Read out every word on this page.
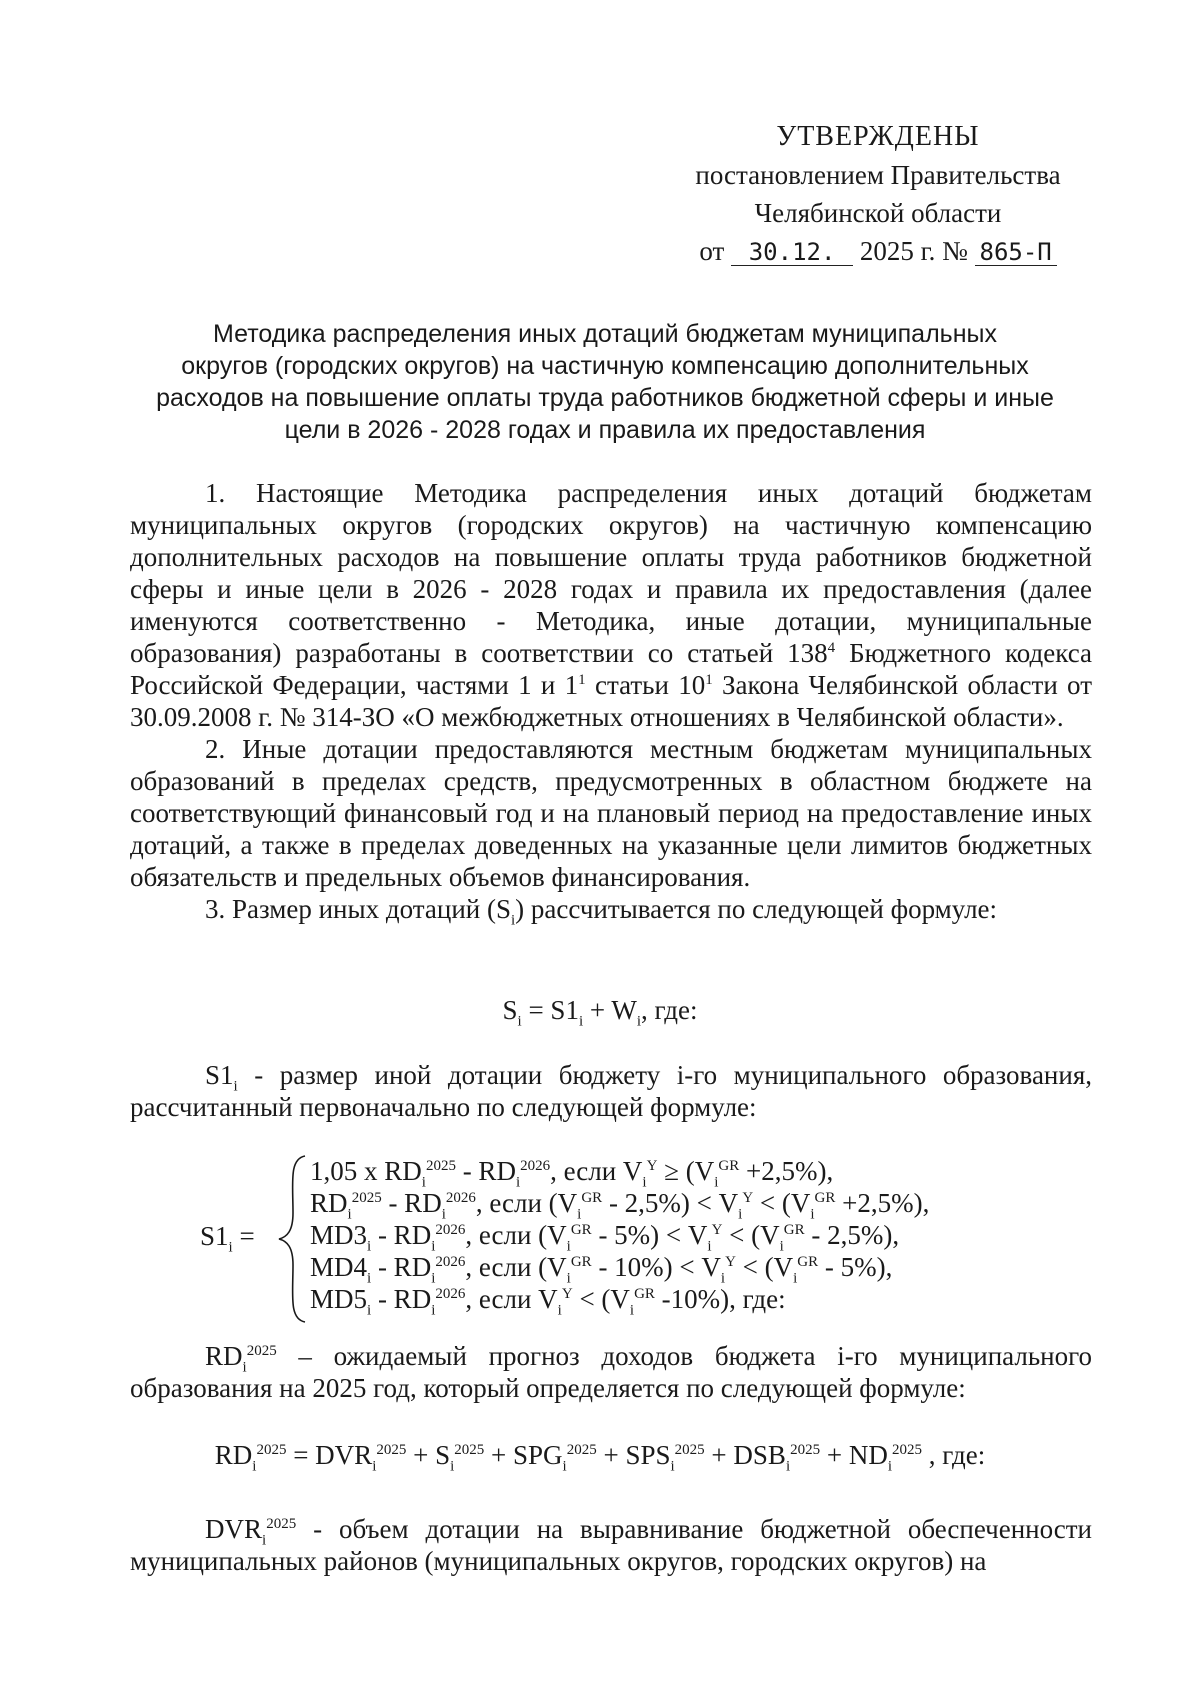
УТВЕРЖДЕНЫ
постановлением Правительства
Челябинской области
от 30.12. 2025 г. № 865-П
Методика распределения иных дотаций бюджетам муниципальных
округов (городских округов) на частичную компенсацию дополнительных
расходов на повышение оплаты труда работников бюджетной сферы и иные
цели в 2026 - 2028 годах и правила их предоставления

1. Настоящие Методика распределения иных дотаций бюджетам муниципальных округов (городских округов) на частичную компенсацию дополнительных расходов на повышение оплаты труда работников бюджетной сферы и иные цели в 2026 - 2028 годах и правила их предоставления (далее именуются соответственно - Методика, иные дотации, муниципальные образования) разработаны в соответствии со статьей $138^4$ Бюджетного кодекса Российской Федерации, частями 1 и $1^1$ статьи $10^1$ Закона Челябинской области от 30.09.2008 г. № 314-ЗО «О межбюджетных отношениях в Челябинской области».

2. Иные дотации предоставляются местным бюджетам муниципальных образований в пределах средств, предусмотренных в областном бюджете на соответствующий финансовый год и на плановый период на предоставление иных дотаций, а также в пределах доведенных на указанные цели лимитов бюджетных обязательств и предельных объемов финансирования.

3. Размер иных дотаций $(S_i)$ рассчитывается по следующей формуле:

$S_i = S1_i + W_i$, где:

$S1_i$ - размер иной дотации бюджету i-го муниципального образования, рассчитанный первоначально по следующей формуле:

$S1_i$ =
1,05 x $RD_i^{2025} - RD_i^{2026}$, если $V_i^Y \ge (V_i^{GR} +2,5\%)$,
$RD_i^{2025} - RD_i^{2026}$, если $(V_i^{GR} - 2,5\%) < V_i^Y < (V_i^{GR} +2,5\%)$,
$MD3_i - RD_i^{2026}$, если $(V_i^{GR} - 5\%) < V_i^Y < (V_i^{GR} - 2,5\%)$,
$MD4_i - RD_i^{2026}$, если $(V_i^{GR} - 10\%) < V_i^Y < (V_i^{GR} - 5\%)$,
$MD5_i - RD_i^{2026}$, если $V_i^Y < (V_i^{GR}$ -10%), где:

$RD_i^{2025}$ – ожидаемый прогноз доходов бюджета i-го муниципального образования на 2025 год, который определяется по следующей формуле:

$RD_i^{2025} = DVR_i^{2025} + S_i^{2025} + SPG_i^{2025} + SPS_i^{2025} + DSB_i^{2025} + ND_i^{2025}$ , где:

$DVR_i^{2025}$ - объем дотации на выравнивание бюджетной обеспеченности муниципальных районов (муниципальных округов, городских округов) на
